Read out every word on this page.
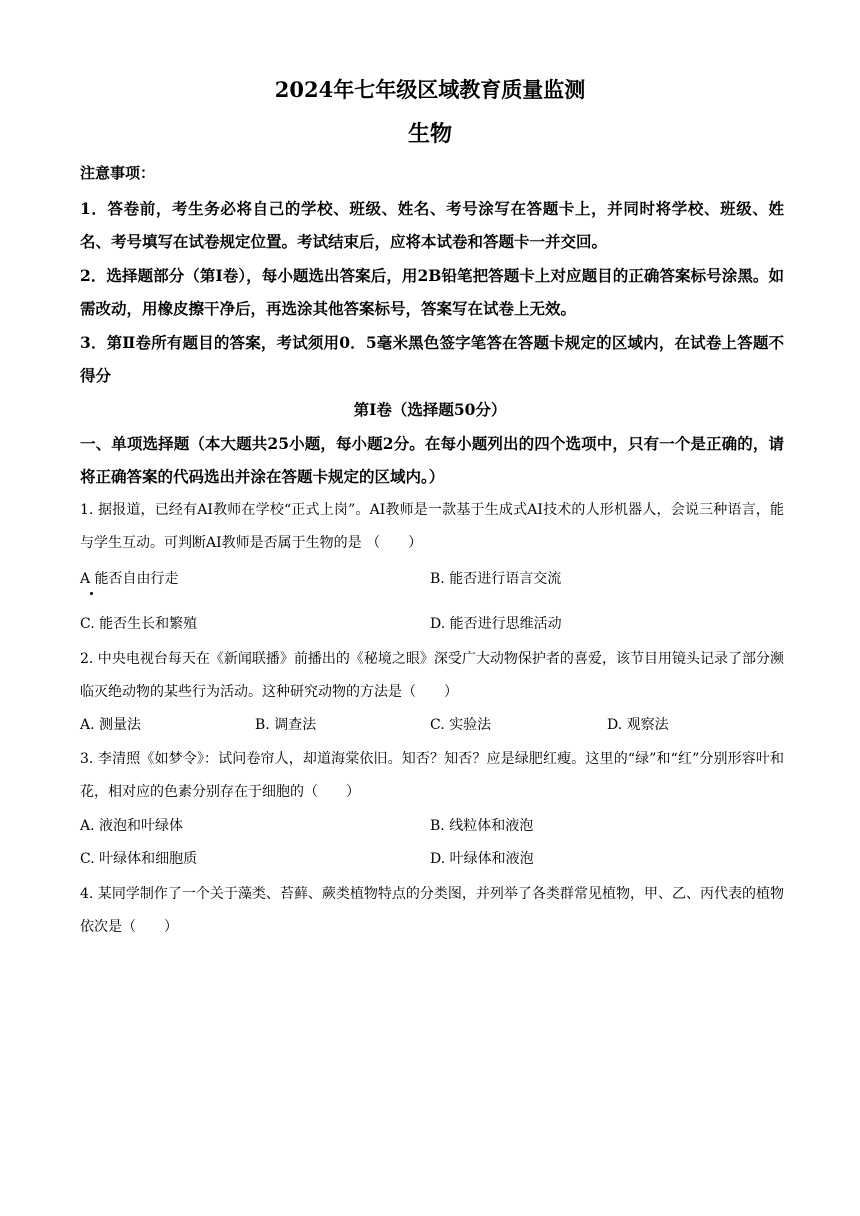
2024年七年级区域教育质量监测
生物
注意事项：
1．答卷前，考生务必将自己的学校、班级、姓名、考号涂写在答题卡上，并同时将学校、班级、姓名、考号填写在试卷规定位置。考试结束后，应将本试卷和答题卡一并交回。
2．选择题部分（第Ⅰ卷），每小题选出答案后，用2B铅笔把答题卡上对应题目的正确答案标号涂黑。如需改动，用橡皮擦干净后，再选涂其他答案标号，答案写在试卷上无效。
3．第Ⅱ卷所有题目的答案，考试须用0．5毫米黑色签字笔答在答题卡规定的区域内，在试卷上答题不得分
第Ⅰ卷（选择题50分）
一、单项选择题（本大题共25小题，每小题2分。在每小题列出的四个选项中，只有一个是正确的，请将正确答案的代码选出并涂在答题卡规定的区域内。）
1. 据报道，已经有AI教师在学校“正式上岗”。AI教师是一款基于生成式AI技术的人形机器人，会说三种语言，能与学生互动。可判断AI教师是否属于生物的是 （　　）
A 能否自由行走	B. 能否进行语言交流
C. 能否生长和繁殖	D. 能否进行思维活动
2. 中央电视台每天在《新闻联播》前播出的《秘境之眼》深受广大动物保护者的喜爱，该节目用镜头记录了部分濒临灭绝动物的某些行为活动。这种研究动物的方法是（　　）
A. 测量法	B. 调查法	C. 实验法	D. 观察法
3. 李清照《如梦令》：试问卷帘人，却道海棠依旧。知否？知否？应是绿肥红瘦。这里的“绿”和“红”分别形容叶和花，相对应的色素分别存在于细胞的（　　）
A. 液泡和叶绿体	B. 线粒体和液泡
C. 叶绿体和细胞质	D. 叶绿体和液泡
4. 某同学制作了一个关于藻类、苔藓、蕨类植物特点的分类图，并列举了各类群常见植物，甲、乙、丙代表的植物依次是（　　）
